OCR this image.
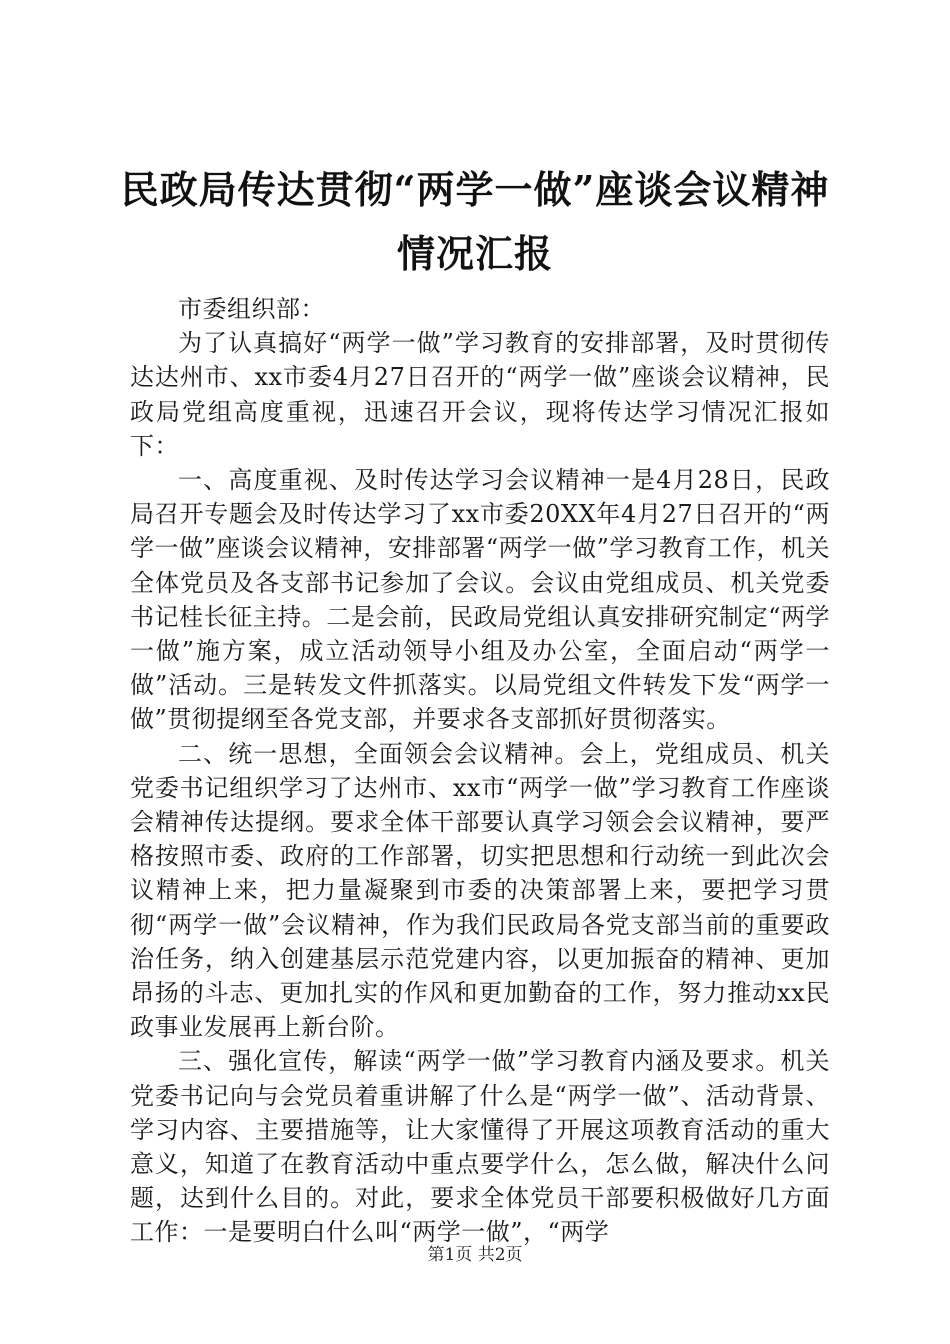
民政局传达贯彻“两学一做”座谈会议精神情况汇报

市委组织部：

为了认真搞好“两学一做”学习教育的安排部署，及时贯彻传达达州市、xx市委4月27日召开的“两学一做”座谈会议精神，民政局党组高度重视，迅速召开会议，现将传达学习情况汇报如下：

一、高度重视、及时传达学习会议精神一是4月28日，民政局召开专题会及时传达学习了xx市委20XX年4月27日召开的“两学一做”座谈会议精神，安排部署“两学一做”学习教育工作，机关全体党员及各支部书记参加了会议。会议由党组成员、机关党委书记桂长征主持。二是会前，民政局党组认真安排研究制定“两学一做”施方案，成立活动领导小组及办公室，全面启动“两学一做”活动。三是转发文件抓落实。以局党组文件转发下发“两学一做”贯彻提纲至各党支部，并要求各支部抓好贯彻落实。

二、统一思想，全面领会会议精神。会上，党组成员、机关党委书记组织学习了达州市、xx市“两学一做”学习教育工作座谈会精神传达提纲。要求全体干部要认真学习领会会议精神，要严格按照市委、政府的工作部署，切实把思想和行动统一到此次会议精神上来，把力量凝聚到市委的决策部署上来，要把学习贯彻“两学一做”会议精神，作为我们民政局各党支部当前的重要政治任务，纳入创建基层示范党建内容，以更加振奋的精神、更加昂扬的斗志、更加扎实的作风和更加勤奋的工作，努力推动xx民政事业发展再上新台阶。

三、强化宣传，解读“两学一做”学习教育内涵及要求。机关党委书记向与会党员着重讲解了什么是“两学一做”、活动背景、学习内容、主要措施等，让大家懂得了开展这项教育活动的重大意义，知道了在教育活动中重点要学什么，怎么做，解决什么问题，达到什么目的。对此，要求全体党员干部要积极做好几方面工作：一是要明白什么叫“两学一做”，“两学

第1页 共2页
